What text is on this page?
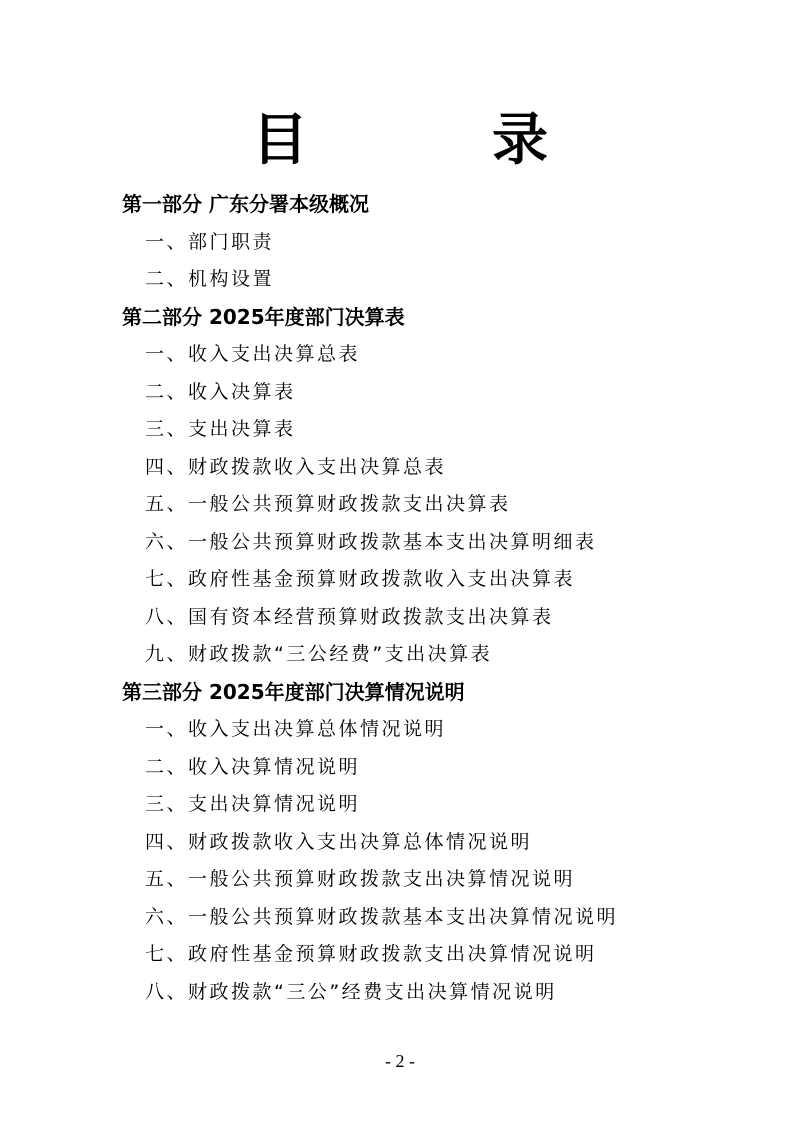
目　录
第一部分 广东分署本级概况
一、部门职责
二、机构设置
第二部分 2025年度部门决算表
一、收入支出决算总表
二、收入决算表
三、支出决算表
四、财政拨款收入支出决算总表
五、一般公共预算财政拨款支出决算表
六、一般公共预算财政拨款基本支出决算明细表
七、政府性基金预算财政拨款收入支出决算表
八、国有资本经营预算财政拨款支出决算表
九、财政拨款“三公经费”支出决算表
第三部分 2025年度部门决算情况说明
一、收入支出决算总体情况说明
二、收入决算情况说明
三、支出决算情况说明
四、财政拨款收入支出决算总体情况说明
五、一般公共预算财政拨款支出决算情况说明
六、一般公共预算财政拨款基本支出决算情况说明
七、政府性基金预算财政拨款支出决算情况说明
八、财政拨款“三公”经费支出决算情况说明
- 2 -
